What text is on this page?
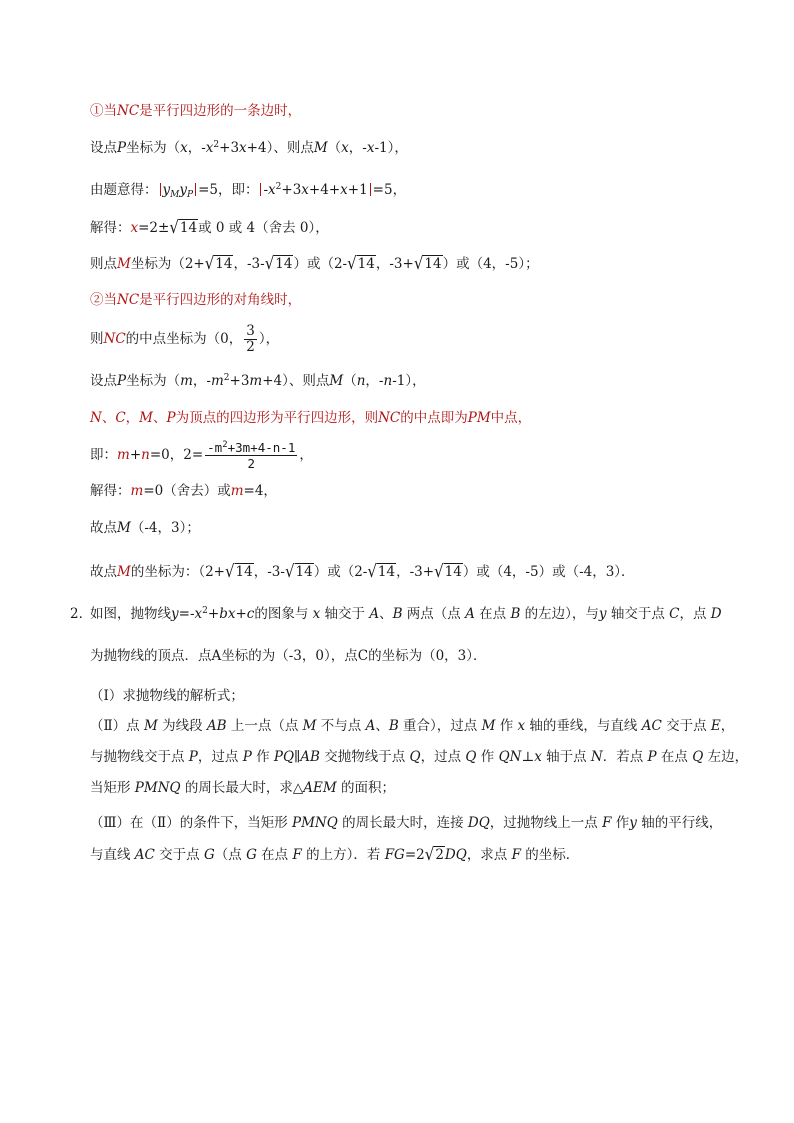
①当NC是平行四边形的一条边时，
设点P坐标为（x，$-x^2+3x+4$）、则点M（x，-x-1），
由题意得： $y_My_P =5$，即： $-x^2+3x+4+x+1 =5$，
解得：x=2±√14或 0 或 4（舍去 0），
则点M坐标为（2+√14，-3-√14）或（2-√14，-3+√14）或（4，-5）；
②当NC是平行四边形的对角线时，
则NC的中点坐标为（0， $\frac{3}{2}$ ），
设点P坐标为（m，$-m^2+3m+4$）、则点M（n，-n-1），
N、C，M、P为顶点的四边形为平行四边形，则NC的中点即为PM中点，
即：m+n=0，$2= \frac{-m^2+3m+4-n-1}{2}$ ，
解得：m=0（舍去）或m=4，
故点M（-4，3）；
故点M的坐标为：（2+√14，-3-√14）或（2-√14，-3+√14）或（4，-5）或（-4，3）．
2．
如图，抛物线$y=-x^2+bx+c$的图象与 x 轴交于 A、B 两点（点 A 在点 B 的左边），与y 轴交于点 C，点 D
为抛物线的顶点．点A坐标的为（-3，0），点C的坐标为（0，3）．
（Ⅰ）求抛物线的解析式；
（Ⅱ）点 M 为线段 AB 上一点（点 M 不与点 A、B 重合），过点 M 作 x 轴的垂线，与直线 AC 交于点 E，
与抛物线交于点 P，过点 P 作 PQ∥AB 交抛物线于点 Q，过点 Q 作 QN⊥x 轴于点 N．若点 P 在点 Q 左边，
当矩形 PMNQ 的周长最大时，求△AEM 的面积；
（Ⅲ）在（Ⅱ）的条件下，当矩形 PMNQ 的周长最大时，连接 DQ，过抛物线上一点 F 作y 轴的平行线，
与直线 AC 交于点 G（点 G 在点 F 的上方）．若 FG=2√2DQ，求点 F 的坐标．
